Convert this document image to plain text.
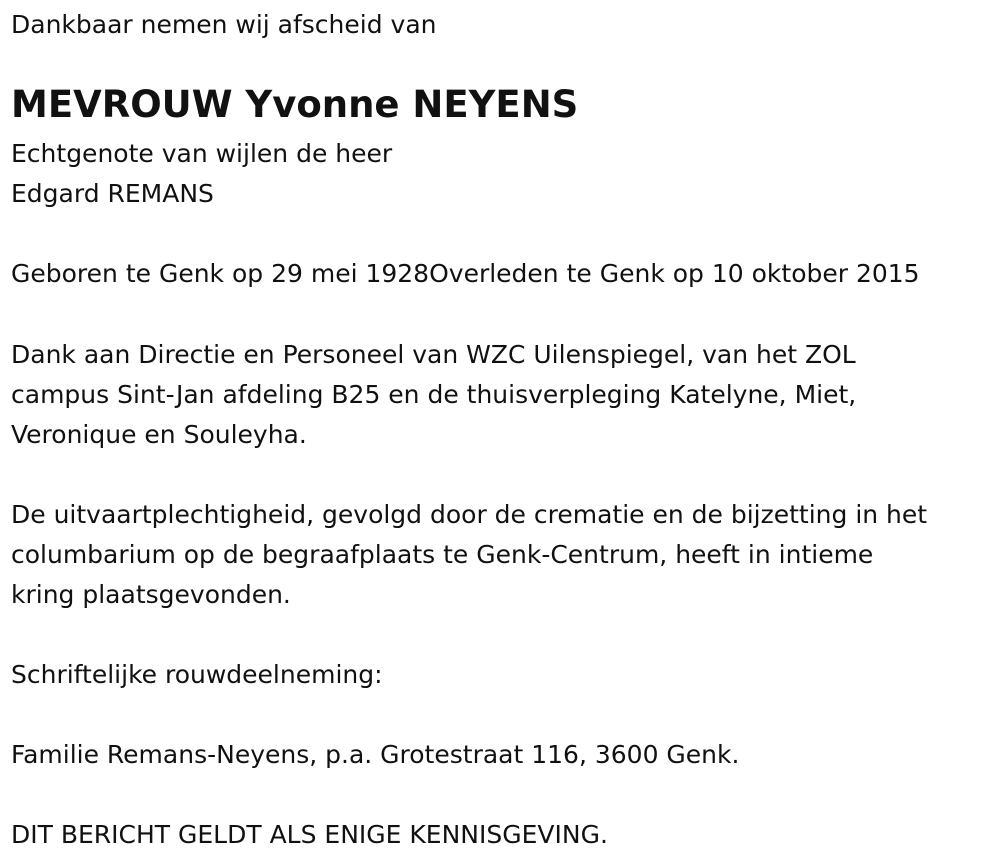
Dankbaar nemen wij afscheid van
MEVROUW Yvonne NEYENS
Echtgenote van wijlen de heer
Edgard REMANS
Geboren te Genk op 29 mei 1928Overleden te Genk op 10 oktober 2015
Dank aan Directie en Personeel van WZC Uilenspiegel, van het ZOL
campus Sint-Jan afdeling B25 en de thuisverpleging Katelyne, Miet,
Veronique en Souleyha.
De uitvaartplechtigheid, gevolgd door de crematie en de bijzetting in het
columbarium op de begraafplaats te Genk-Centrum, heeft in intieme
kring plaatsgevonden.
Schriftelijke rouwdeelneming:
Familie Remans-Neyens, p.a. Grotestraat 116, 3600 Genk.
DIT BERICHT GELDT ALS ENIGE KENNISGEVING.
